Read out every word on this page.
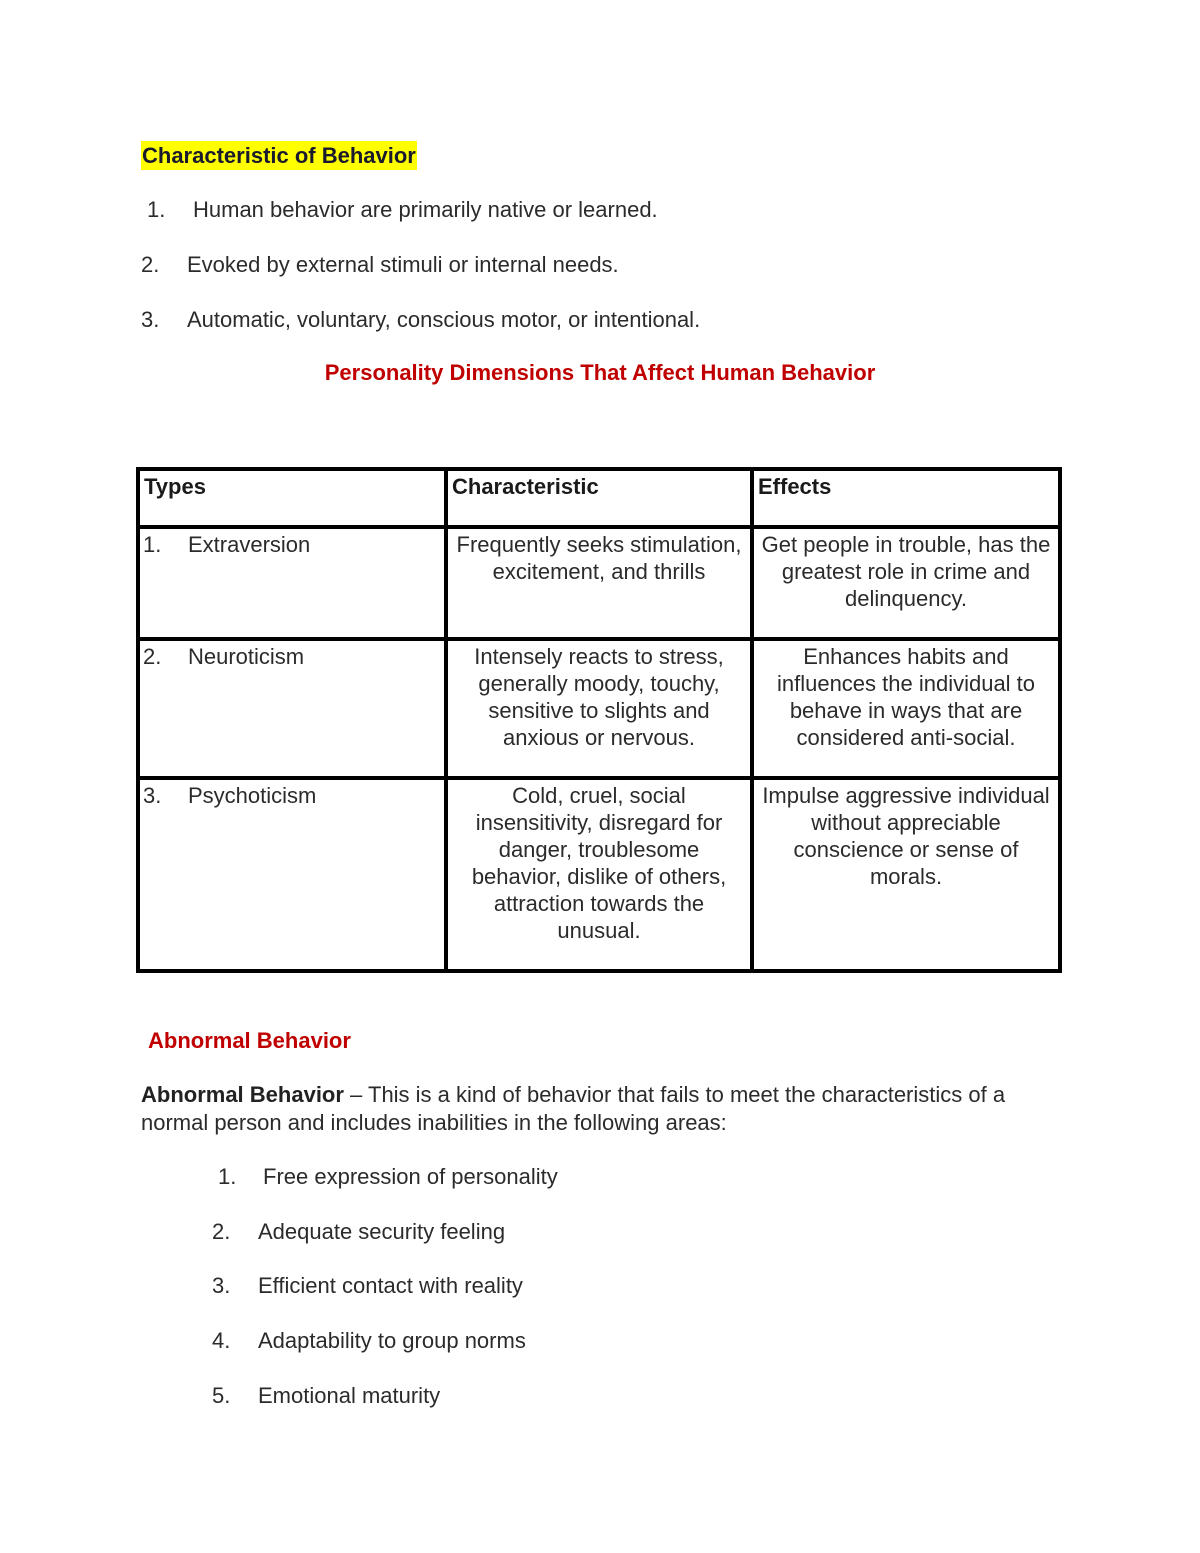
Characteristic of Behavior
1. Human behavior are primarily native or learned.
2. Evoked by external stimuli or internal needs.
3. Automatic, voluntary, conscious motor, or intentional.
Personality Dimensions That Affect Human Behavior
Types	Characteristic	Effects

1. Extraversion	Frequently seeks stimulation, excitement, and thrills	Get people in trouble, has the greatest role in crime and delinquency.

2. Neuroticism	Intensely reacts to stress, generally moody, touchy, sensitive to slights and anxious or nervous.	Enhances habits and influences the individual to behave in ways that are considered anti-social.

3. Psychoticism	Cold, cruel, social insensitivity, disregard for danger, troublesome behavior, dislike of others, attraction towards the unusual.	Impulse aggressive individual without appreciable conscience or sense of morals.
Abnormal Behavior
Abnormal Behavior – This is a kind of behavior that fails to meet the characteristics of a normal person and includes inabilities in the following areas:
1. Free expression of personality
2. Adequate security feeling
3. Efficient contact with reality
4. Adaptability to group norms
5. Emotional maturity
